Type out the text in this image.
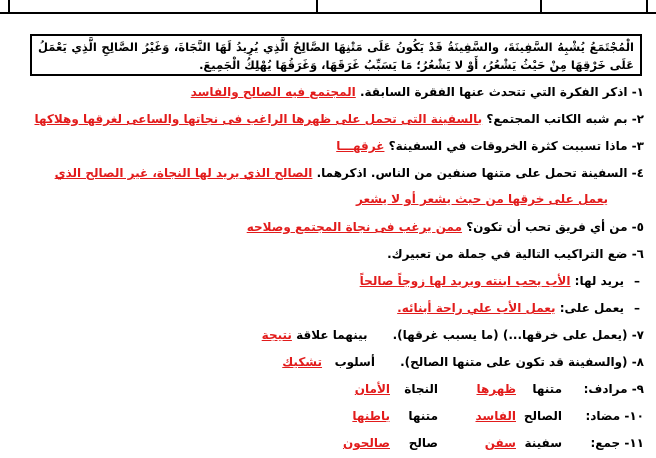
الْمُجْتَمَعُ يُشْبِهُ السَّفِينَةَ، والسَّفِينَةُ قَدْ يَكُونُ عَلَى مَتْنِهَا الصَّالِحُ الَّذِي يُرِيدُ لَهَا النَّجَاةَ، وَغَيْرُ الصَّالِحِ الَّذِي يَعْمَلُ عَلَى خَرْقِهَا مِنْ حَيْثُ يَشْعُرُ، أَوْ لا يَشْعُرُ؛ مَا يَسَبِّبُ غَرَقَهَا، وَغَرَقُهَا يُهْلِكُ الْجَمِيعَ.
١- اذكر الفكرة التي تتحدث عنها الفقرة السابقة. المجتمع فيه الصالح والفاسد
٢- بم شبه الكاتب المجتمع؟ بالسفينة التى تحمل على ظهرها الراغب فى نجاتها والساعى لغرقها وهلاكها
٣- ماذا تسببت كثرة الخروقات في السفينة؟ غرقهـــا
٤- السفينة تحمل على متنها صنفين من الناس. اذكرهما. الصالح الذي يريد لها النجاة، غير الصالح الذي
يعمل على خرقها من حيث يشعر أو لا يشعر
٥- من أي فريق تحب أن تكون؟ ممن يرغب فى نجاة المجتمع وصلاحه
٦- ضع التراكيب التالية في جملة من تعبيرك.
–
يريد لها: الأب يحب ابنته ويريد لها زوجاً صالحاً
–
يعمل على: يعمل الأب علي راحة أبنائه.
٧- (يعمل على خرقها...) (ما يسبب غرقها).      بينهما علاقة نتيجة
٨- (والسفينة قد تكون على متنها الصالح).      أسلوب   تشكيك
٩- مرادف:
متنها
ظهرها
النجاة
الأمان
١٠- مضاد:
الصالح
الفاسد
متنها
باطنها
١١- جمع:
سفينة
سفن
صالح
صالحون
